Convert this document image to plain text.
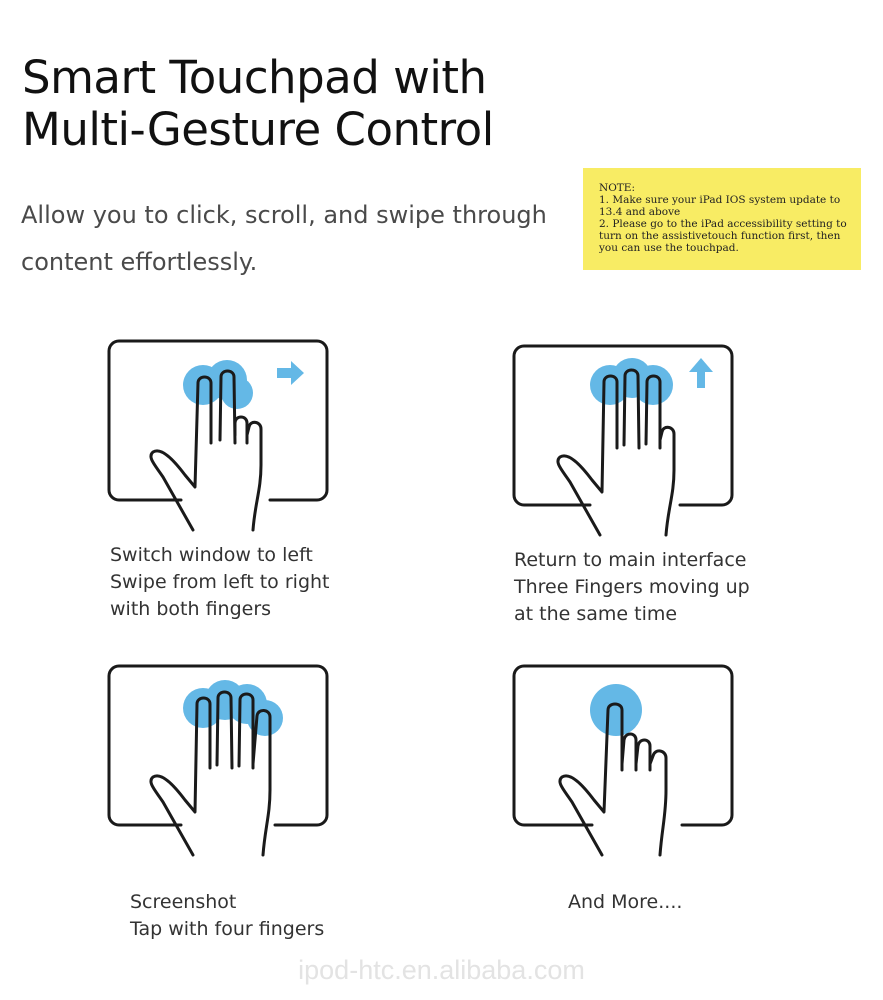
Smart Touchpad with
Multi-Gesture Control

Allow you to click, scroll, and swipe through content effortlessly.

NOTE:
1. Make sure your iPad IOS system update to 13.4 and above
2. Please go to the iPad accessibility setting to turn on the assistivetouch function first, then you can use the touchpad.
Switch window to left
Swipe from left to right
with both fingers
Return to main interface
Three Fingers moving up
at the same time
Screenshot
Tap with four fingers
And More....
ipod-htc.en.alibaba.com
